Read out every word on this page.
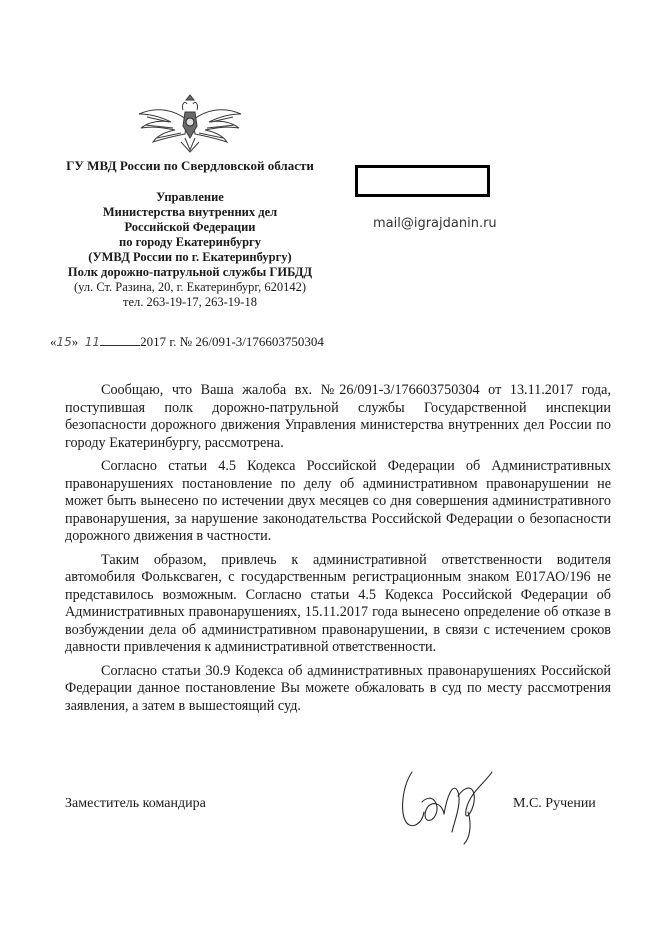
ГУ МВД России по Свердловской области
Управление
Министерства внутренних дел
Российской Федерации
по городу Екатеринбургу
(УМВД России по г. Екатеринбургу)
Полк дорожно-патрульной службы ГИБДД
(ул. Ст. Разина, 20, г. Екатеринбург, 620142)
тел. 263-19-17, 263-19-18
«15» 11	2017 г. № 26/091-3/176603750304
mail@igrajdanin.ru

Сообщаю, что Ваша жалоба вх. №26/091-3/176603750304 от 13.11.2017 года, поступившая полк дорожно-патрульной службы Государственной инспекции безопасности дорожного движения Управления министерства внутренних дел России по городу Екатеринбургу, рассмотрена.

Согласно статьи 4.5 Кодекса Российской Федерации об Административных правонарушениях постановление по делу об административном правонарушении не может быть вынесено по истечении двух месяцев со дня совершения административного правонарушения, за нарушение законодательства Российской Федерации о безопасности дорожного движения в частности.

Таким образом, привлечь к административной ответственности водителя автомобиля Фольксваген, с государственным регистрационным знаком Е017АО/196 не представилось возможным. Согласно статьи 4.5 Кодекса Российской Федерации об Административных правонарушениях, 15.11.2017 года вынесено определение об отказе в возбуждении дела об административном правонарушении, в связи с истечением сроков давности привлечения к административной ответственности.

Согласно статьи 30.9 Кодекса об административных правонарушениях Российской Федерации данное постановление Вы можете обжаловать в суд по месту рассмотрения заявления, а затем в вышестоящий суд.

Заместитель командира	М.С. Ручении
